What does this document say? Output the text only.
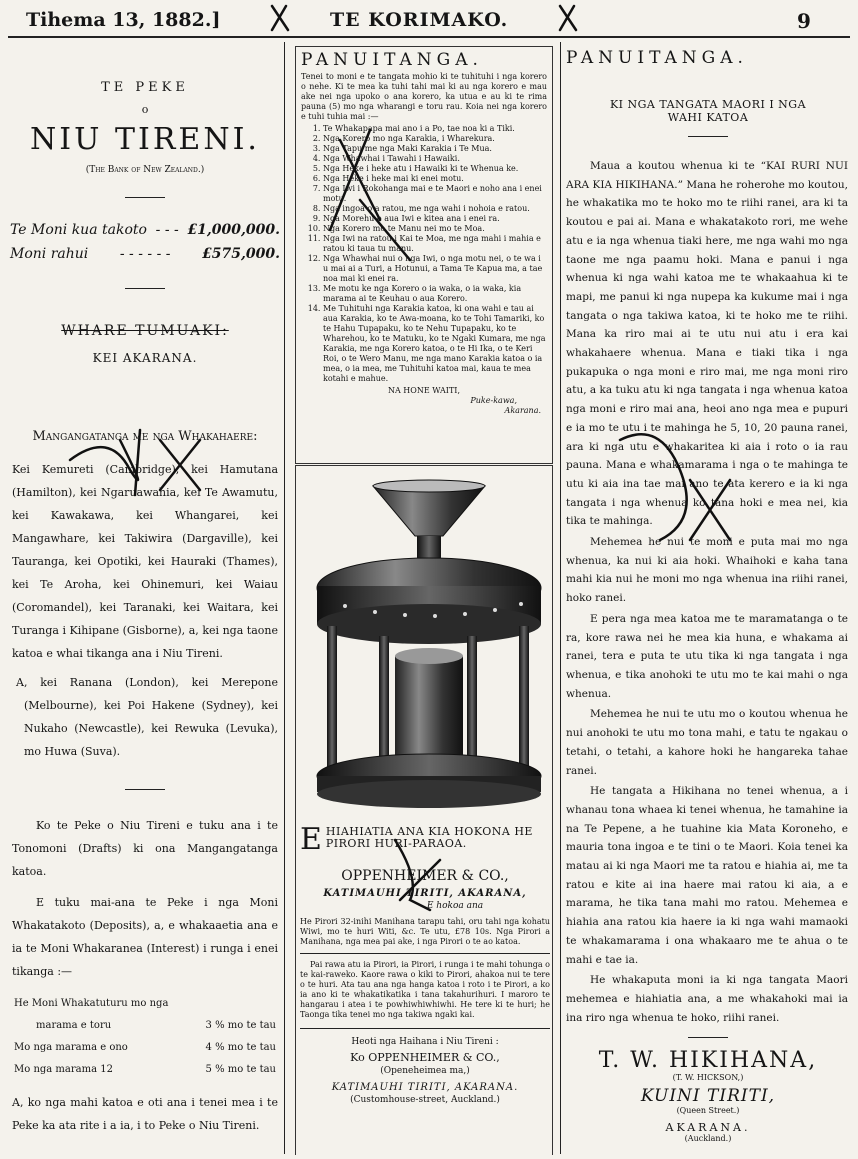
Tihema 13, 1882.]	TE KORIMAKO.	9
TE PEKE
o
NIU TIRENI.
(The Bank of New Zealand.)
Te Moni kua takoto - - - £1,000,000.
Moni rahui - - - - - - £575,000.
WHARE TUMUAKI:
KEI AKARANA.
Mangangatanga me nga Whakahaere:
Kei Kemureti (Cambridge), kei Hamutana (Hamilton), kei Ngaruawahia, kei Te Awamutu, kei Kawakawa, kei Whangarei, kei Mangawhare, kei Takiwira (Dargaville), kei Tauranga, kei Opotiki, kei Hauraki (Thames), kei Te Aroha, kei Ohinemuri, kei Waiau (Coromandel), kei Taranaki, kei Waitara, kei Turanga i Kihipane (Gisborne), a, kei nga taone katoa e whai tikanga ana i Niu Tireni.
A, kei Ranana (London), kei Merepone (Melbourne), kei Poi Hakene (Sydney), kei Nukaho (Newcastle), kei Rewuka (Levuka), mo Huwa (Suva).
Ko te Peke o Niu Tireni e tuku ana i te Tonomoni (Drafts) ki ona Mangangatanga katoa.
E tuku mai-ana te Peke i nga Moni Whakatakoto (Deposits), a, e whakaaetia ana e ia te Moni Whakaranea (Interest) i runga i enei tikanga :—
He Moni Whakatuturu mo nga
marama e toru	3 % mo te tau
Mo nga marama e ono	4 % mo te tau
Mo nga marama 12	5 % mo te tau
A, ko nga mahi katoa e oti ana i tenei mea i te Peke ka ata rite i a ia, i to Peke o Niu Tireni.
PANUITANGA.
Tenei to moni e te tangata mohio ki te tuhituhi i nga korero o nehe. Ki te mea ka tuhi tahi mai ki au nga korero e mau ake nei nga upoko o ana korero, ka utua e au ki te rima pauna (5) mo nga wharangi e toru rau. Koia nei nga korero e tuhi tuhia mai :—
1. Te Whakapapa mai ano i a Po, tae noa ki a Tiki.
2. Nga Korero mo nga Karakia, i Wharekura.
3. Nga Tapu me nga Maki Karakia i Te Mua.
4. Nga Whawhai i Tawahi i Hawaiki.
5. Nga Heke i heke atu i Hawaiki ki te Whenua ke.
6. Nga Heke i heke mai ki enei motu.
7. Nga Iwi i Rokohanga mai e te Maori e noho ana i enei motu.
8. Nga ingoa o a ratou, me nga wahi i nohoia e ratou.
9. Nga Morehu o aua Iwi e kitea ana i enei ra.
10. Nga Korero mo te Manu nei mo te Moa.
11. Nga Iwi na ratou i Kai te Moa, me nga mahi i mahia e ratou ki taua tu manu.
12. Nga Whawhai nui o nga Iwi, o nga motu nei, o te wa i u mai ai a Turi, a Hotunui, a Tama Te Kapua ma, a tae noa mai ki enei ra.
13. Me motu ke nga Korero o ia waka, o ia waka, kia marama ai te Keuhau o aua Korero.
14. Me Tuhituhi nga Karakia katoa, ki ona wahi e tau ai aua Karakia, ko te Awa-moana, ko te Tohi Tamariki, ko te Hahu Tupapaku, ko te Nehu Tupapaku, ko te Wharehou, ko te Matuku, ko te Ngaki Kumara, me nga Karakia, me nga Korero katoa, o te Hi Ika, o te Keri Roi, o te Wero Manu, me nga mano Karakia katoa o ia mea, o ia mea, me Tuhituhi katoa mai, kaua te mea kotahi e mahue.
NA HONE WAITI,
Puke-kawa,
Akarana.
E HIAHIATIA ANA KIA HOKONA HE PIRORI HURI-PARAOA.
OPPENHEIMER & CO.,
KATIMAUHI TIRITI, AKARANA,
E hokoa ana
He Pirori 32-inihi Manihana tarapu tahi, oru tahi nga kohatu Wiwi, mo te huri Witi, &c. Te utu, £78 10s. Nga Pirori a Manihana, nga mea pai ake, i nga Pirori o te ao katoa.
Pai rawa atu ia Pirori, ia Pirori, i runga i te mahi tohunga o te kai-raweko. Kaore rawa o kiki to Pirori, ahakoa nui te tere o te huri. Ata tau ana nga hanga katoa i roto i te Pirori, a ko ia ano ki te whakatikatika i tana takahurihuri. I maroro te hangarau i atea i te powhiwhiwhiwhi. He tere ki te huri; he Taonga tika tenei mo nga takiwa ngaki kai.
Heoti nga Haihana i Niu Tireni :
Ko OPPENHEIMER & CO.,
(Openeheimea ma,)
KATIMAUHI TIRITI, AKARANA.
(Customhouse-street, Auckland.)
PANUITANGA.
KI NGA TANGATA MAORI I NGA
WAHI KATOA
Maua a koutou whenua ki te “KAI RURI NUI ARA KIA HIKIHANA.” Mana he roherohe mo koutou, he whakatika mo te hoko mo te riihi ranei, ara ki ta koutou e pai ai. Mana e whakatakoto rori, me wehe atu e ia nga whenua tiaki here, me nga wahi mo nga taone me nga paamu hoki. Mana e panui i nga whenua ki nga wahi katoa me te whakaahua ki te mapi, me panui ki nga nupepa ka kukume mai i nga tangata o nga takiwa katoa, ki te hoko me te riihi. Mana ka riro mai ai te utu nui atu i era kai whakahaere whenua. Mana e tiaki tika i nga pukapuka o nga moni e riro mai, me nga moni riro atu, a ka tuku atu ki nga tangata i nga whenua katoa nga moni e riro mai ana, heoi ano nga mea e pupuri e ia mo te utu i te mahinga he 5, 10, 20 pauna ranei, ara ki nga utu e whakaritea ki aia i roto o ia rau pauna. Mana e whakamarama i nga o te mahinga te utu ki aia ina tae mai ano te ata kerero e ia ki nga tangata i nga whenua ko tana hoki e mea nei, kia tika te mahinga.
Mehemea he nui te moni e puta mai mo nga whenua, ka nui ki aia hoki. Whaihoki e kaha tana mahi kia nui he moni mo nga whenua ina riihi ranei, hoko ranei.
E pera nga mea katoa me te maramatanga o te ra, kore rawa nei he mea kia huna, e whakama ai ranei, tera e puta te utu tika ki nga tangata i nga whenua, e tika anohoki te utu mo te kai mahi o nga whenua.
Mehemea he nui te utu mo o koutou whenua he nui anohoki te utu mo tona mahi, e tatu te ngakau o tetahi, o tetahi, a kahore hoki he hangareka tahae ranei.
He tangata a Hikihana no tenei whenua, a i whanau tona whaea ki tenei whenua, he tamahine ia na Te Pepene, a he tuahine kia Mata Koroneho, e mauria tona ingoa e te tini o te Maori. Koia tenei ka matau ai ki nga Maori me ta ratou e hiahia ai, me ta ratou e kite ai ina haere mai ratou ki aia, a e marama, he tika tana mahi mo ratou. Mehemea e hiahia ana ratou kia haere ia ki nga wahi mamaoki te whakamarama i ona whakaaro me te ahua o te mahi e tae ia.
He whakaputa moni ia ki nga tangata Maori mehemea e hiahiatia ana, a me whakahoki mai ia ina riro nga whenua te hoko, riihi ranei.
T. W. HIKIHANA,
(T. W. HICKSON,)
KUINI TIRITI,
(Queen Street.)
AKARANA.
(Auckland.)
